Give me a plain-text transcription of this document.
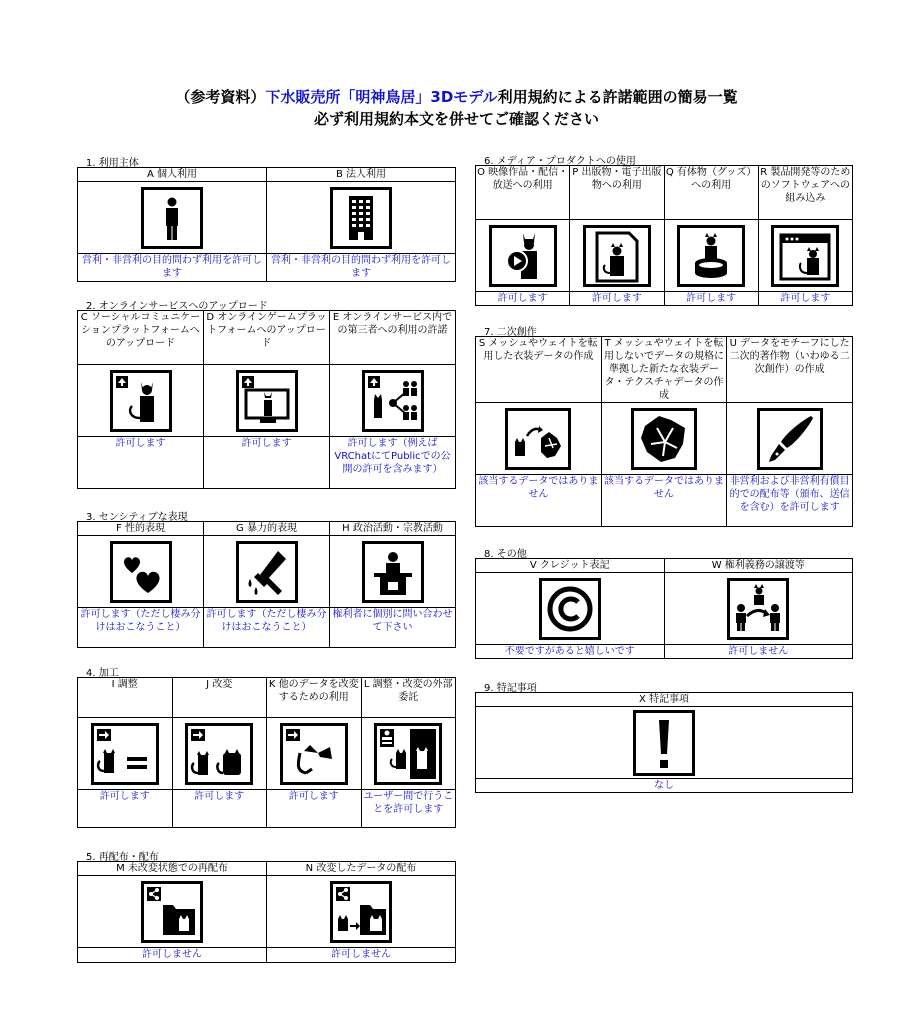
（参考資料）下水販売所「明神鳥居」3Dモデル利用規約による許諾範囲の簡易一覧
必ず利用規約本文を併せてご確認ください
1. 利用主体
A 個人利用	B 法人利用

営利・非営利の目的問わず利用を許可します	営利・非営利の目的問わず利用を許可します
2. オンラインサービスへのアップロード
C ソーシャルコミュニケーションプラットフォームへのアップロード	D オンラインゲームプラットフォームへのアップロード	E オンラインサービス内での第三者への利用の許諾

許可します	許可します	許可します（例えばVRChatにてPublicでの公開の許可を含みます）
3. センシティブな表現
F 性的表現	G 暴力的表現	H 政治活動・宗教活動

許可します（ただし棲み分けはおこなうこと）	許可します（ただし棲み分けはおこなうこと）	権利者に個別に問い合わせて下さい
4. 加工
I 調整	J 改変	K 他のデータを改変するための利用	L 調整・改変の外部委託

許可します	許可します	許可します	ユーザー間で行うことを許可します
5. 再配布・配布
M 未改変状態での再配布	N 改変したデータの配布

許可しません	許可しません
6. メディア・プロダクトへの使用
O 映像作品・配信・放送への利用	P 出版物・電子出版物への利用	Q 有体物（グッズ）への利用	R 製品開発等のためのソフトウェアへの組み込み

許可します	許可します	許可します	許可します
7. 二次創作
S メッシュやウェイトを転用した衣装データの作成	T メッシュやウェイトを転用しないでデータの規格に準拠した新たな衣装データ・テクスチャデータの作成	U データをモチーフにした二次的著作物（いわゆる二次創作）の作成

該当するデータではありません	該当するデータではありません	非営利および非営利有償目的での配布等（頒布、送信を含む）を許可します
8. その他
V クレジット表記	W 権利義務の譲渡等

不要ですがあると嬉しいです	許可しません
9. 特記事項
X 特記事項

なし
